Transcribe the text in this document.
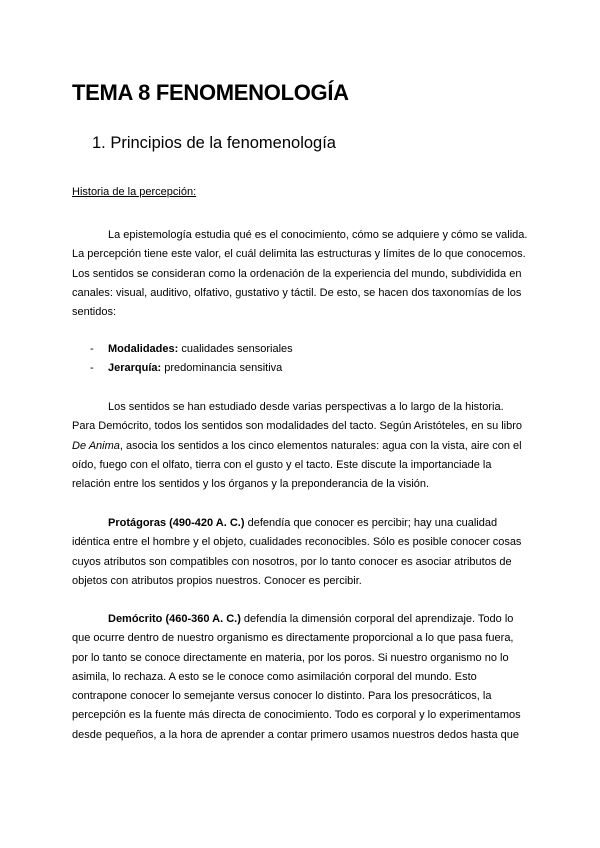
TEMA 8 FENOMENOLOGÍA
1. Principios de la fenomenología
Historia de la percepción:

La epistemología estudia qué es el conocimiento, cómo se adquiere y cómo se valida. La percepción tiene este valor, el cuál delimita las estructuras y límites de lo que conocemos. Los sentidos se consideran como la ordenación de la experiencia del mundo, subdividida en canales: visual, auditivo, olfativo, gustativo y táctil. De esto, se hacen dos taxonomías de los sentidos:

- Modalidades: cualidades sensoriales
- Jerarquía: predominancia sensitiva

Los sentidos se han estudiado desde varias perspectivas a lo largo de la historia. Para Demócrito, todos los sentidos son modalidades del tacto. Según Aristóteles, en su libro De Anima, asocia los sentidos a los cinco elementos naturales: agua con la vista, aire con el oído, fuego con el olfato, tierra con el gusto y el tacto. Este discute la importanciade la relación entre los sentidos y los órganos y la preponderancia de la visión.

Protágoras (490-420 A. C.) defendía que conocer es percibir; hay una cualidad idéntica entre el hombre y el objeto, cualidades reconocibles. Sólo es posible conocer cosas cuyos atributos son compatibles con nosotros, por lo tanto conocer es asociar atributos de objetos con atributos propios nuestros. Conocer es percibir.

Demócrito (460-360 A. C.) defendía la dimensión corporal del aprendizaje. Todo lo que ocurre dentro de nuestro organismo es directamente proporcional a lo que pasa fuera, por lo tanto se conoce directamente en materia, por los poros. Si nuestro organismo no lo asimila, lo rechaza. A esto se le conoce como asimilación corporal del mundo. Esto contrapone conocer lo semejante versus conocer lo distinto. Para los presocráticos, la percepción es la fuente más directa de conocimiento. Todo es corporal y lo experimentamos desde pequeños, a la hora de aprender a contar primero usamos nuestros dedos hasta que
